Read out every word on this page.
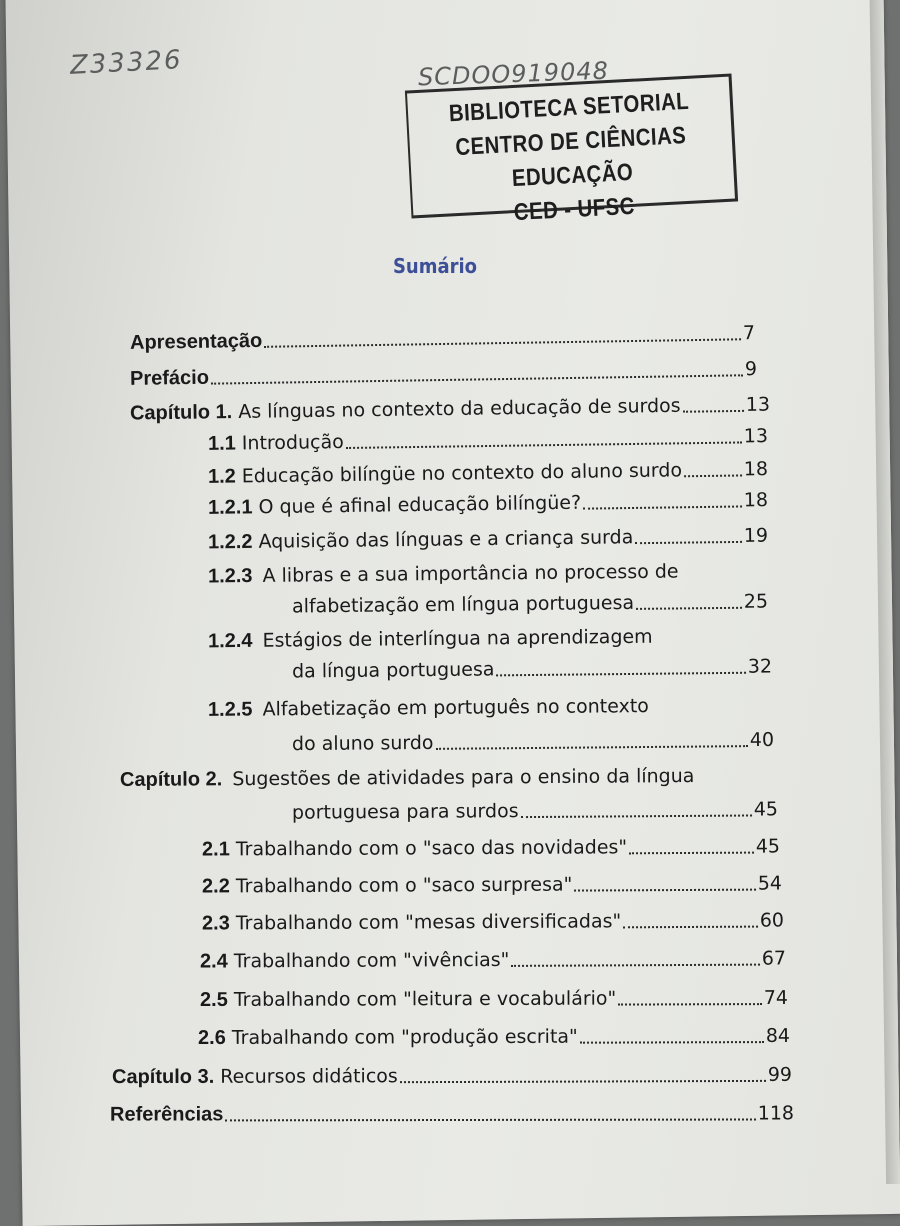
Z33326	SCDOO919048
BIBLIOTECA SETORIAL
CENTRO DE CIÊNCIAS EDUCAÇÃO
CED - UFSC
Sumário
Apresentação	7
Prefácio	9
Capítulo 1. As línguas no contexto da educação de surdos	13
1.1 Introdução	13
1.2 Educação bilíngüe no contexto do aluno surdo	18
1.2.1 O que é afinal educação bilíngüe?	18
1.2.2 Aquisição das línguas e a criança surda	19
1.2.3 A libras e a sua importância no processo de
alfabetização em língua portuguesa	25
1.2.4 Estágios de interlíngua na aprendizagem
da língua portuguesa	32
1.2.5 Alfabetização em português no contexto
do aluno surdo	40
Capítulo 2. Sugestões de atividades para o ensino da língua
portuguesa para surdos	45
2.1 Trabalhando com o "saco das novidades"	45
2.2 Trabalhando com o "saco surpresa"	54
2.3 Trabalhando com "mesas diversificadas"	60
2.4 Trabalhando com "vivências"	67
2.5 Trabalhando com "leitura e vocabulário"	74
2.6 Trabalhando com "produção escrita"	84
Capítulo 3. Recursos didáticos	99
Referências	118
